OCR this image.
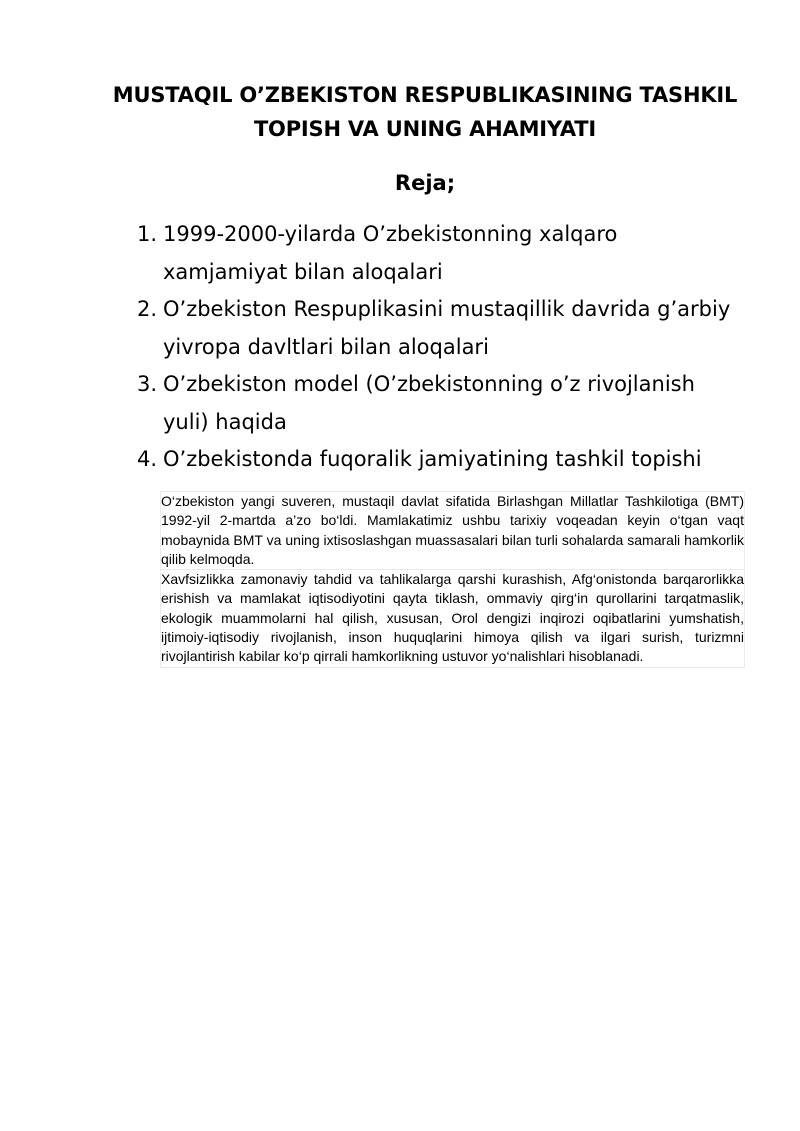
MUSTAQIL O’ZBEKISTON RESPUBLIKASINING TASHKIL TOPISH VA UNING AHAMIYATI
Reja;
1. 1999-2000-yilarda O’zbekistonning xalqaro xamjamiyat bilan aloqalari
2. O’zbekiston Respuplikasini mustaqillik davrida g’arbiy yivropa davltlari bilan aloqalari
3. O’zbekiston model (O’zbekistonning o’z rivojlanish yuli) haqida
4. O’zbekistonda fuqoralik jamiyatining tashkil topishi

O‘zbekiston yangi suveren, mustaqil davlat sifatida Birlashgan Millatlar Tashkilotiga (BMT) 1992-yil 2-martda a’zo bo‘ldi. Mamlakatimiz ushbu tarixiy voqeadan keyin o‘tgan vaqt mobaynida BMT va uning ixtisoslashgan muassasalari bilan turli sohalarda samarali hamkorlik qilib kelmoqda.

Xavfsizlikka zamonaviy tahdid va tahlikalarga qarshi kurashish, Afg‘onistonda barqarorlikka erishish va mamlakat iqtisodiyotini qayta tiklash, ommaviy qirg‘in qurollarini tarqatmaslik, ekologik muammolarni hal qilish, xususan, Orol dengizi inqirozi oqibatlarini yumshatish, ijtimoiy-iqtisodiy rivojlanish, inson huquqlarini himoya qilish va ilgari surish, turizmni rivojlantirish kabilar ko‘p qirrali hamkorlikning ustuvor yo‘nalishlari hisoblanadi.
